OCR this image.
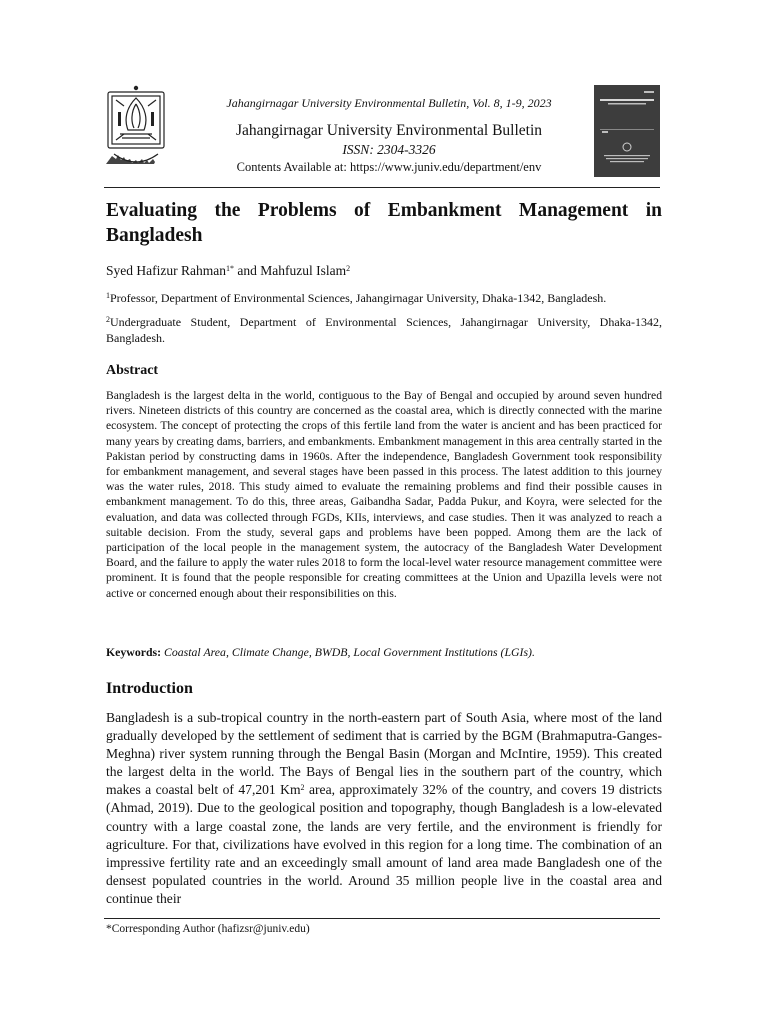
Jahangirnagar University Environmental Bulletin, Vol. 8, 1-9, 2023
Jahangirnagar University Environmental Bulletin
ISSN: 2304-3326
Contents Available at: https://www.juniv.edu/department/env
Evaluating the Problems of Embankment Management in Bangladesh
Syed Hafizur Rahman$^{1*}$ and Mahfuzul Islam$^2$
$^1$Professor, Department of Environmental Sciences, Jahangirnagar University, Dhaka-1342, Bangladesh.
$^2$Undergraduate Student, Department of Environmental Sciences, Jahangirnagar University, Dhaka-1342, Bangladesh.
Abstract
Bangladesh is the largest delta in the world, contiguous to the Bay of Bengal and occupied by around seven hundred rivers. Nineteen districts of this country are concerned as the coastal area, which is directly connected with the marine ecosystem. The concept of protecting the crops of this fertile land from the water is ancient and has been practiced for many years by creating dams, barriers, and embankments. Embankment management in this area centrally started in the Pakistan period by constructing dams in 1960s. After the independence, Bangladesh Government took responsibility for embankment management, and several stages have been passed in this process. The latest addition to this journey was the water rules, 2018. This study aimed to evaluate the remaining problems and find their possible causes in embankment management. To do this, three areas, Gaibandha Sadar, Padda Pukur, and Koyra, were selected for the evaluation, and data was collected through FGDs, KIIs, interviews, and case studies. Then it was analyzed to reach a suitable decision. From the study, several gaps and problems have been popped. Among them are the lack of participation of the local people in the management system, the autocracy of the Bangladesh Water Development Board, and the failure to apply the water rules 2018 to form the local-level water resource management committee were prominent. It is found that the people responsible for creating committees at the Union and Upazilla levels were not active or concerned enough about their responsibilities on this.
Keywords: Coastal Area, Climate Change, BWDB, Local Government Institutions (LGIs).
Introduction
Bangladesh is a sub-tropical country in the north-eastern part of South Asia, where most of the land gradually developed by the settlement of sediment that is carried by the BGM (Brahmaputra-Ganges-Meghna) river system running through the Bengal Basin (Morgan and McIntire, 1959). This created the largest delta in the world. The Bays of Bengal lies in the southern part of the country, which makes a coastal belt of 47,201 Km$^2$ area, approximately 32% of the country, and covers 19 districts (Ahmad, 2019). Due to the geological position and topography, though Bangladesh is a low-elevated country with a large coastal zone, the lands are very fertile, and the environment is friendly for agriculture. For that, civilizations have evolved in this region for a long time. The combination of an impressive fertility rate and an exceedingly small amount of land area made Bangladesh one of the densest populated countries in the world. Around 35 million people live in the coastal area and continue their
*Corresponding Author (hafizsr@juniv.edu)
